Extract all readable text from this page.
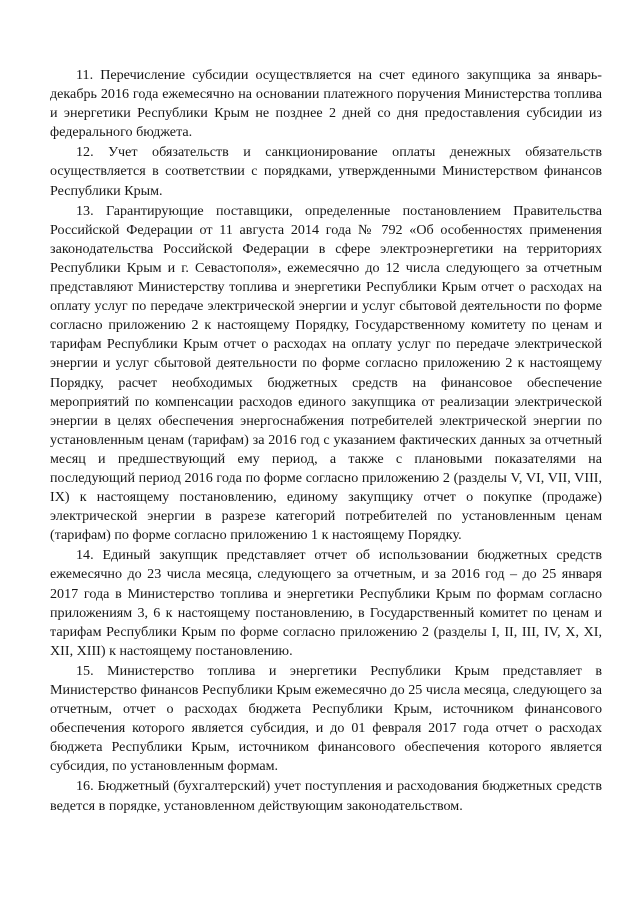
11. Перечисление субсидии осуществляется на счет единого закупщика за январь-декабрь 2016 года ежемесячно на основании платежного поручения Министерства топлива и энергетики Республики Крым не позднее 2 дней со дня предоставления субсидии из федерального бюджета.

12. Учет обязательств и санкционирование оплаты денежных обязательств осуществляется в соответствии с порядками, утвержденными Министерством финансов Республики Крым.

13. Гарантирующие поставщики, определенные постановлением Правительства Российской Федерации от 11 августа 2014 года № 792 «Об особенностях применения законодательства Российской Федерации в сфере электроэнергетики на территориях Республики Крым и г. Севастополя», ежемесячно до 12 числа следующего за отчетным представляют Министерству топлива и энергетики Республики Крым отчет о расходах на оплату услуг по передаче электрической энергии и услуг сбытовой деятельности по форме согласно приложению 2 к настоящему Порядку, Государственному комитету по ценам и тарифам Республики Крым отчет о расходах на оплату услуг по передаче электрической энергии и услуг сбытовой деятельности по форме согласно приложению 2 к настоящему Порядку, расчет необходимых бюджетных средств на финансовое обеспечение мероприятий по компенсации расходов единого закупщика от реализации электрической энергии в целях обеспечения энергоснабжения потребителей электрической энергии по установленным ценам (тарифам) за 2016 год с указанием фактических данных за отчетный месяц и предшествующий ему период, а также с плановыми показателями на последующий период 2016 года по форме согласно приложению 2 (разделы V, VI, VII, VIII, IX) к настоящему постановлению, единому закупщику отчет о покупке (продаже) электрической энергии в разрезе категорий потребителей по установленным ценам (тарифам) по форме согласно приложению 1 к настоящему Порядку.

14. Единый закупщик представляет отчет об использовании бюджетных средств ежемесячно до 23 числа месяца, следующего за отчетным, и за 2016 год – до 25 января 2017 года в Министерство топлива и энергетики Республики Крым по формам согласно приложениям 3, 6 к настоящему постановлению, в Государственный комитет по ценам и тарифам Республики Крым по форме согласно приложению 2 (разделы I, II, III, IV, X, XI, XII, XIII) к настоящему постановлению.

15. Министерство топлива и энергетики Республики Крым представляет в Министерство финансов Республики Крым ежемесячно до 25 числа месяца, следующего за отчетным, отчет о расходах бюджета Республики Крым, источником финансового обеспечения которого является субсидия, и до 01 февраля 2017 года отчет о расходах бюджета Республики Крым, источником финансового обеспечения которого является субсидия, по установленным формам.

16. Бюджетный (бухгалтерский) учет поступления и расходования бюджетных средств ведется в порядке, установленном действующим законодательством.
